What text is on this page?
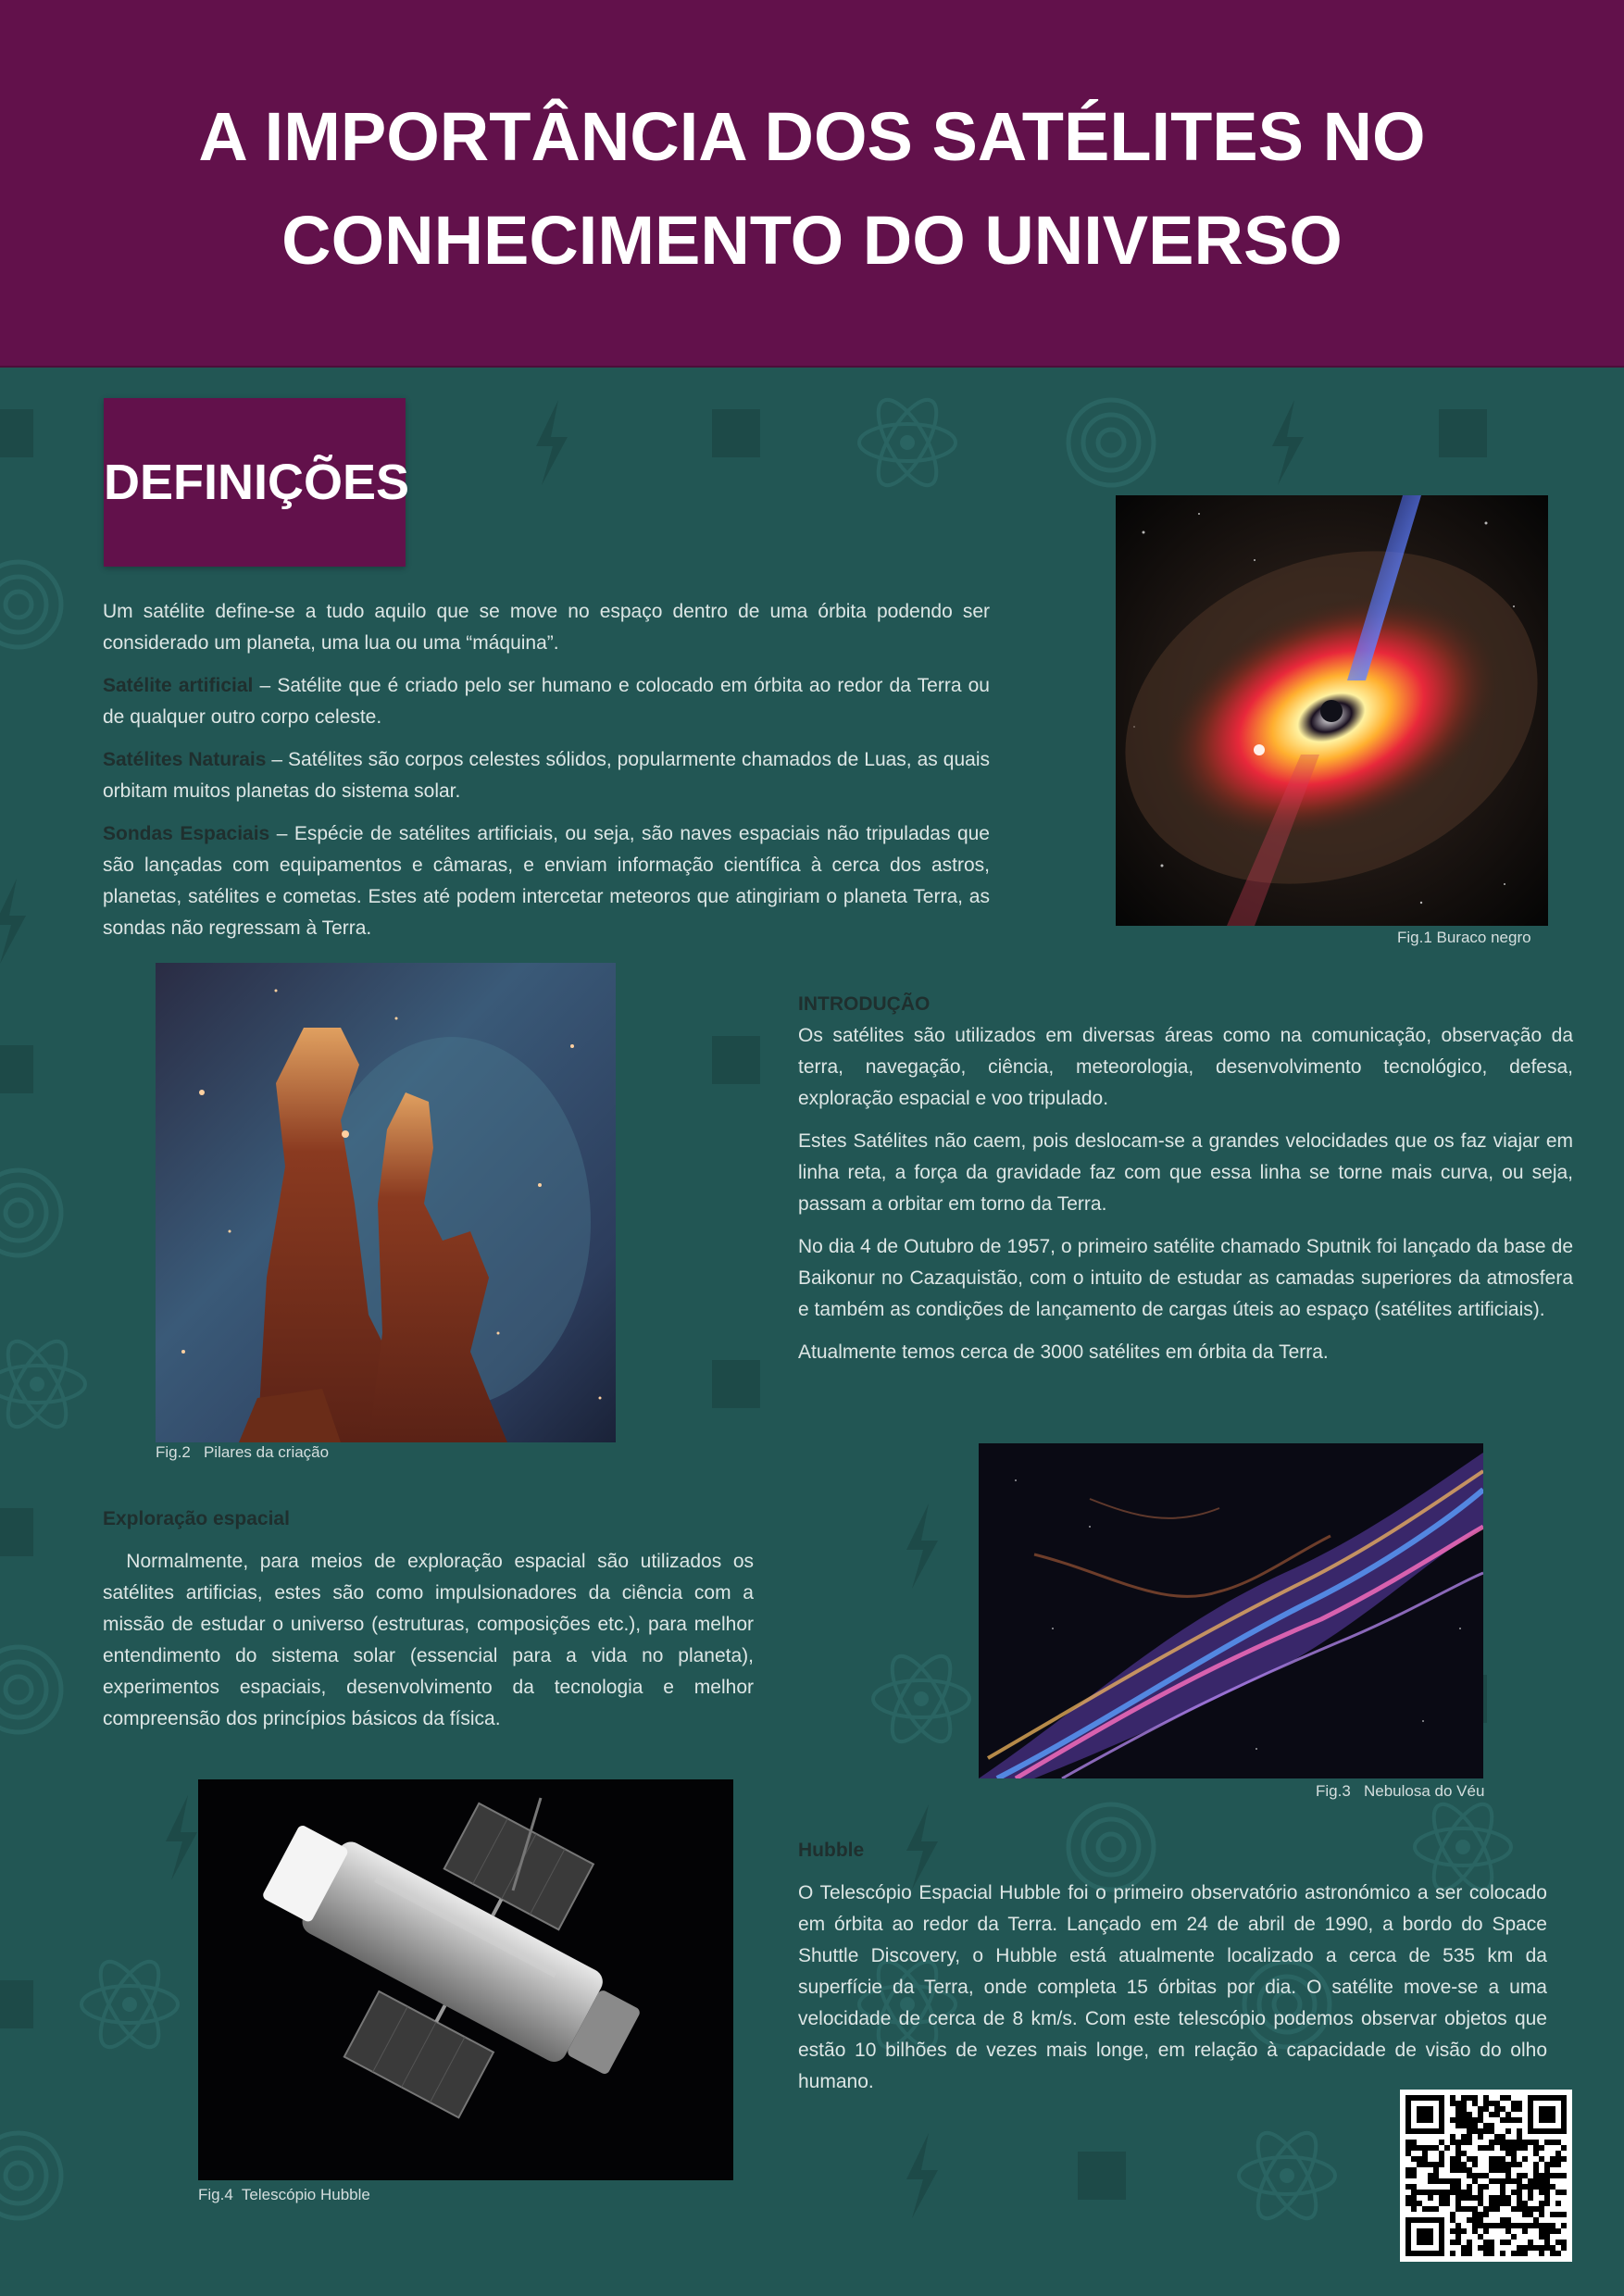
A IMPORTÂNCIA DOS SATÉLITES NO
CONHECIMENTO DO UNIVERSO
DEFINIÇÕES

Um satélite define-se a tudo aquilo que se move no espaço dentro de uma órbita podendo ser considerado um planeta, uma lua ou uma “máquina”.

Satélite artificial – Satélite que é criado pelo ser humano e colocado em órbita ao redor da Terra ou de qualquer outro corpo celeste.

Satélites Naturais – Satélites são corpos celestes sólidos, popularmente chamados de Luas, as quais orbitam muitos planetas do sistema solar.

Sondas Espaciais – Espécie de satélites artificiais, ou seja, são naves espaciais não tripuladas que são lançadas com equipamentos e câmaras, e enviam informação científica à cerca dos astros, planetas, satélites e cometas. Estes até podem intercetar meteoros que atingiriam o planeta Terra, as sondas não regressam à Terra.	Fig.1 Buraco negro
Fig.2   Pilares da criação
INTRODUÇÃO

Os satélites são utilizados em diversas áreas como na comunicação, observação da terra, navegação, ciência, meteorologia, desenvolvimento tecnológico, defesa, exploração espacial e voo tripulado.

Estes Satélites não caem, pois deslocam-se a grandes velocidades que os faz viajar em linha reta, a força da gravidade faz com que essa linha se torne mais curva, ou seja, passam a orbitar em torno da Terra.

No dia 4 de Outubro de 1957, o primeiro satélite chamado Sputnik foi lançado da base de Baikonur no Cazaquistão, com o intuito de estudar as camadas superiores da atmosfera e também as condições de lançamento de cargas úteis ao espaço (satélites artificiais).

Atualmente temos cerca de 3000 satélites em órbita da Terra.

Fig.3   Nebulosa do Véu
Exploração espacial

Normalmente, para meios de exploração espacial são utilizados os satélites artificias, estes são como impulsionadores da ciência com a missão de estudar o universo (estruturas, composições etc.), para melhor entendimento do sistema solar (essencial para a vida no planeta), experimentos espaciais, desenvolvimento da tecnologia e melhor compreensão dos princípios básicos da física.

Fig.4  Telescópio Hubble
Hubble

O Telescópio Espacial Hubble foi o primeiro observatório astronómico a ser colocado em órbita ao redor da Terra. Lançado em 24 de abril de 1990, a bordo do Space Shuttle Discovery, o Hubble está atualmente localizado a cerca de 535 km da superfície da Terra, onde completa 15 órbitas por dia. O satélite move-se a uma velocidade de cerca de 8 km/s. Com este telescópio podemos observar objetos que estão 10 bilhões de vezes mais longe, em relação à capacidade de visão do olho humano.
